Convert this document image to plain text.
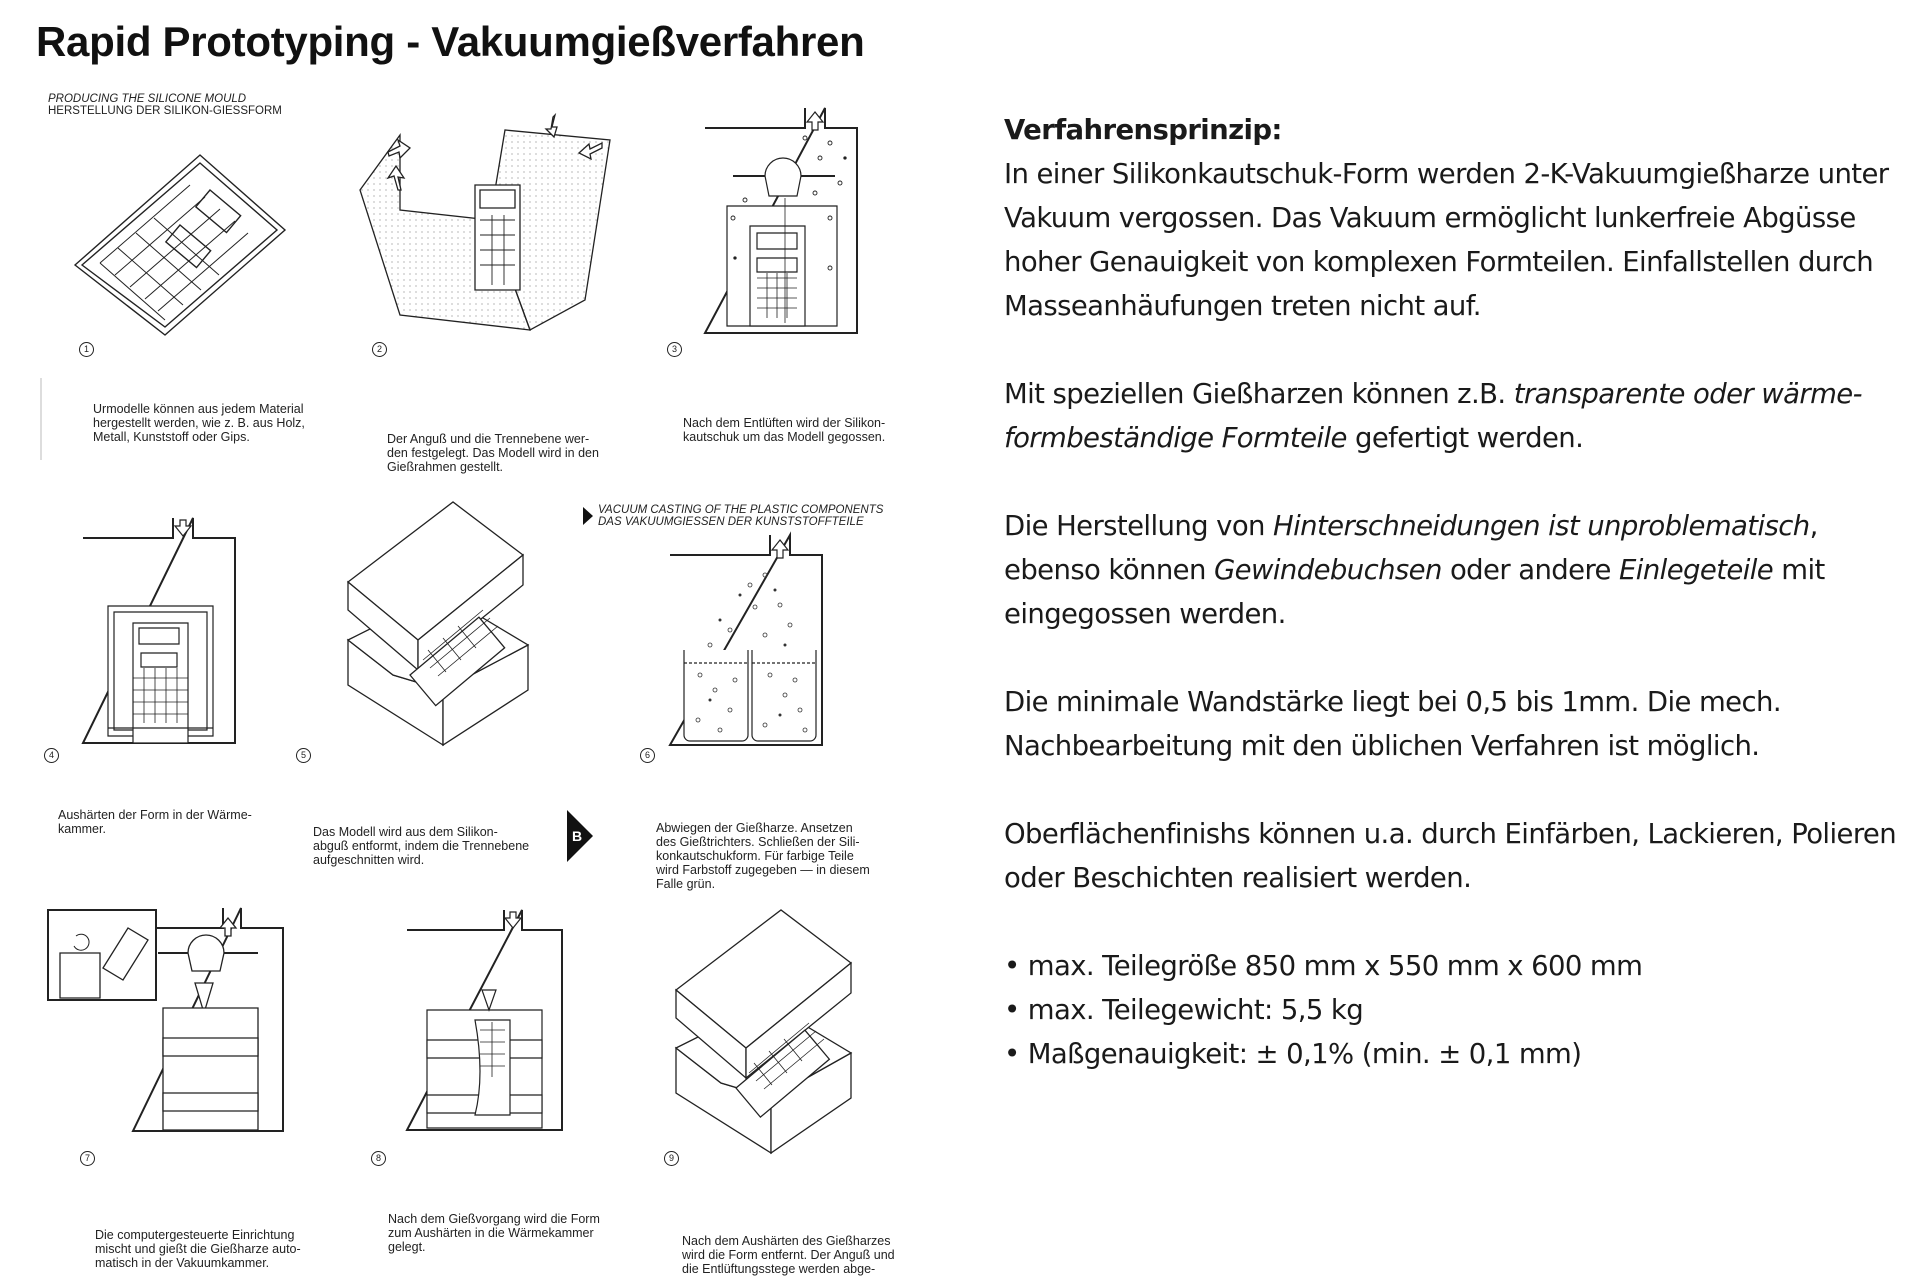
Rapid Prototyping - Vakuumgießverfahren
PRODUCING THE SILICONE MOULD
HERSTELLUNG DER SILIKON-GIESSFORM
1	2	3
Urmodelle können aus jedem Material
hergestellt werden, wie z. B. aus Holz,
Metall, Kunststoff oder Gips.	Der Anguß und die Trennebene wer-
den festgelegt. Das Modell wird in den
Gießrahmen gestellt.
Nach dem Entlüften wird der Silikon-
kautschuk um das Modell gegossen.
4	5
VACUUM CASTING OF THE PLASTIC COMPONENTS
DAS VAKUUMGIESSEN DER KUNSTSTOFFTEILE
6
Aushärten der Form in der Wärme-
kammer.	Das Modell wird aus dem Silikon-
abguß entformt, indem die Trennebene
aufgeschnitten wird.
B	Abwiegen der Gießharze. Ansetzen
des Gießtrichters. Schließen der Sili-
konkautschukform. Für farbige Teile
wird Farbstoff zugegeben — in diesem
Falle grün.
7	8	9
Die computergesteuerte Einrichtung
mischt und gießt die Gießharze auto-
matisch in der Vakuumkammer.
Nach dem Gießvorgang wird die Form
zum Aushärten in die Wärmekammer
gelegt.	Nach dem Aushärten des Gießharzes
wird die Form entfernt. Der Anguß und
die Entlüftungsstege werden abge-

Verfahrensprinzip:
In einer Silikonkautschuk-Form werden 2-K-Vakuumgießharze unter Vakuum vergossen. Das Vakuum ermöglicht lunkerfreie Abgüsse hoher Genauigkeit von komplexen Formteilen. Einfallstellen durch Masseanhäufungen treten nicht auf.

Mit speziellen Gießharzen können z.B. transparente oder wärme-formbeständige Formteile gefertigt werden.

Die Herstellung von Hinterschneidungen ist unproblematisch, ebenso können Gewindebuchsen oder andere Einlegeteile mit eingegossen werden.

Die minimale Wandstärke liegt bei 0,5 bis 1mm. Die mech. Nachbearbeitung mit den üblichen Verfahren ist möglich.

Oberflächenfinishs können u.a. durch Einfärben, Lackieren, Polieren oder Beschichten realisiert werden.

• max. Teilegröße 850 mm x 550 mm x 600 mm
• max. Teilegewicht: 5,5 kg
• Maßgenauigkeit: ± 0,1% (min. ± 0,1 mm)
